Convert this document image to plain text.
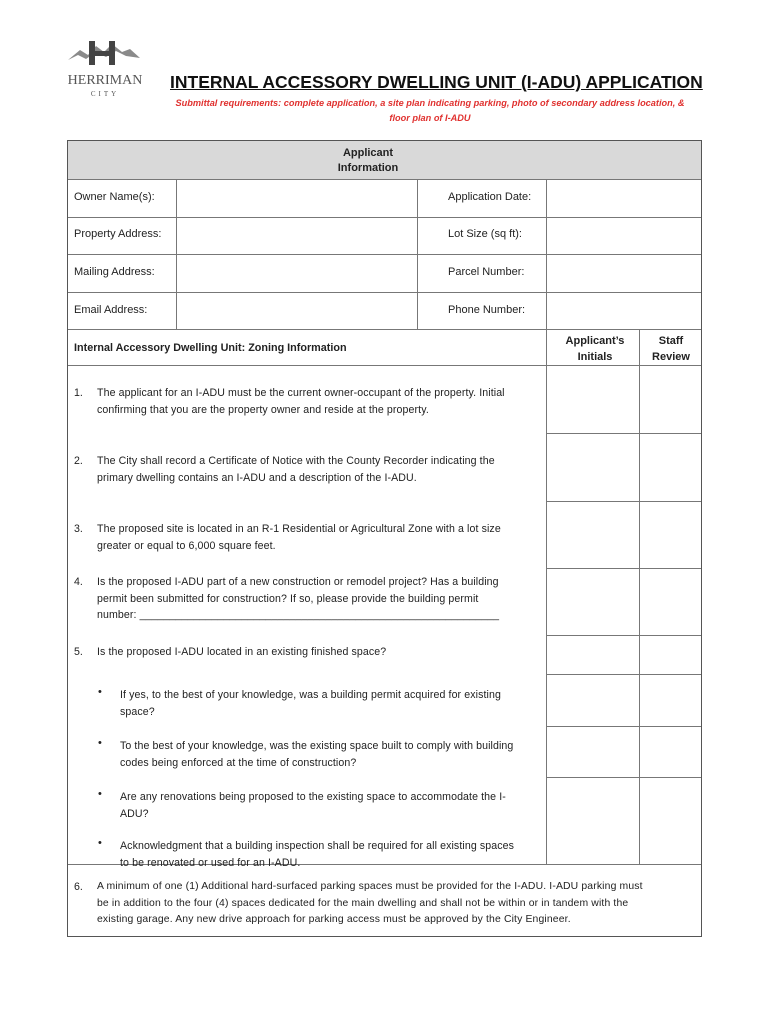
HERRIMAN
CITY
INTERNAL ACCESSORY DWELLING UNIT (I-ADU) APPLICATION
Submittal requirements: complete application, a site plan indicating parking, photo of secondary address location, &
floor plan of I-ADU
Applicant
Information
Owner Name(s):
Property Address:
Mailing Address:
Email Address:
Application Date:
Lot Size (sq ft):
Parcel Number:
Phone Number:
Internal Accessory Dwelling Unit: Zoning Information
Applicant’s
Initials
Staff
Review
1. The applicant for an I-ADU must be the current owner-occupant of the property. Initial
confirming that you are the property owner and reside at the property.
2. The City shall record a Certificate of Notice with the County Recorder indicating the
primary dwelling contains an I-ADU and a description of the I-ADU.
3. The proposed site is located in an R-1 Residential or Agricultural Zone with a lot size
greater or equal to 6,000 square feet.
4. Is the proposed I-ADU part of a new construction or remodel project? Has a building
permit been submitted for construction? If so, please provide the building permit
number: ____________________________________________________________
5. Is the proposed I-ADU located in an existing finished space?
• If yes, to the best of your knowledge, was a building permit acquired for existing
space?
• To the best of your knowledge, was the existing space built to comply with building
codes being enforced at the time of construction?
• Are any renovations being proposed to the existing space to accommodate the I-
ADU?
• Acknowledgment that a building inspection shall be required for all existing spaces
to be renovated or used for an I-ADU.
6. A minimum of one (1) Additional hard-surfaced parking spaces must be provided for the I-ADU. I-ADU parking must
be in addition to the four (4) spaces dedicated for the main dwelling and shall not be within or in tandem with the
existing garage. Any new drive approach for parking access must be approved by the City Engineer.
